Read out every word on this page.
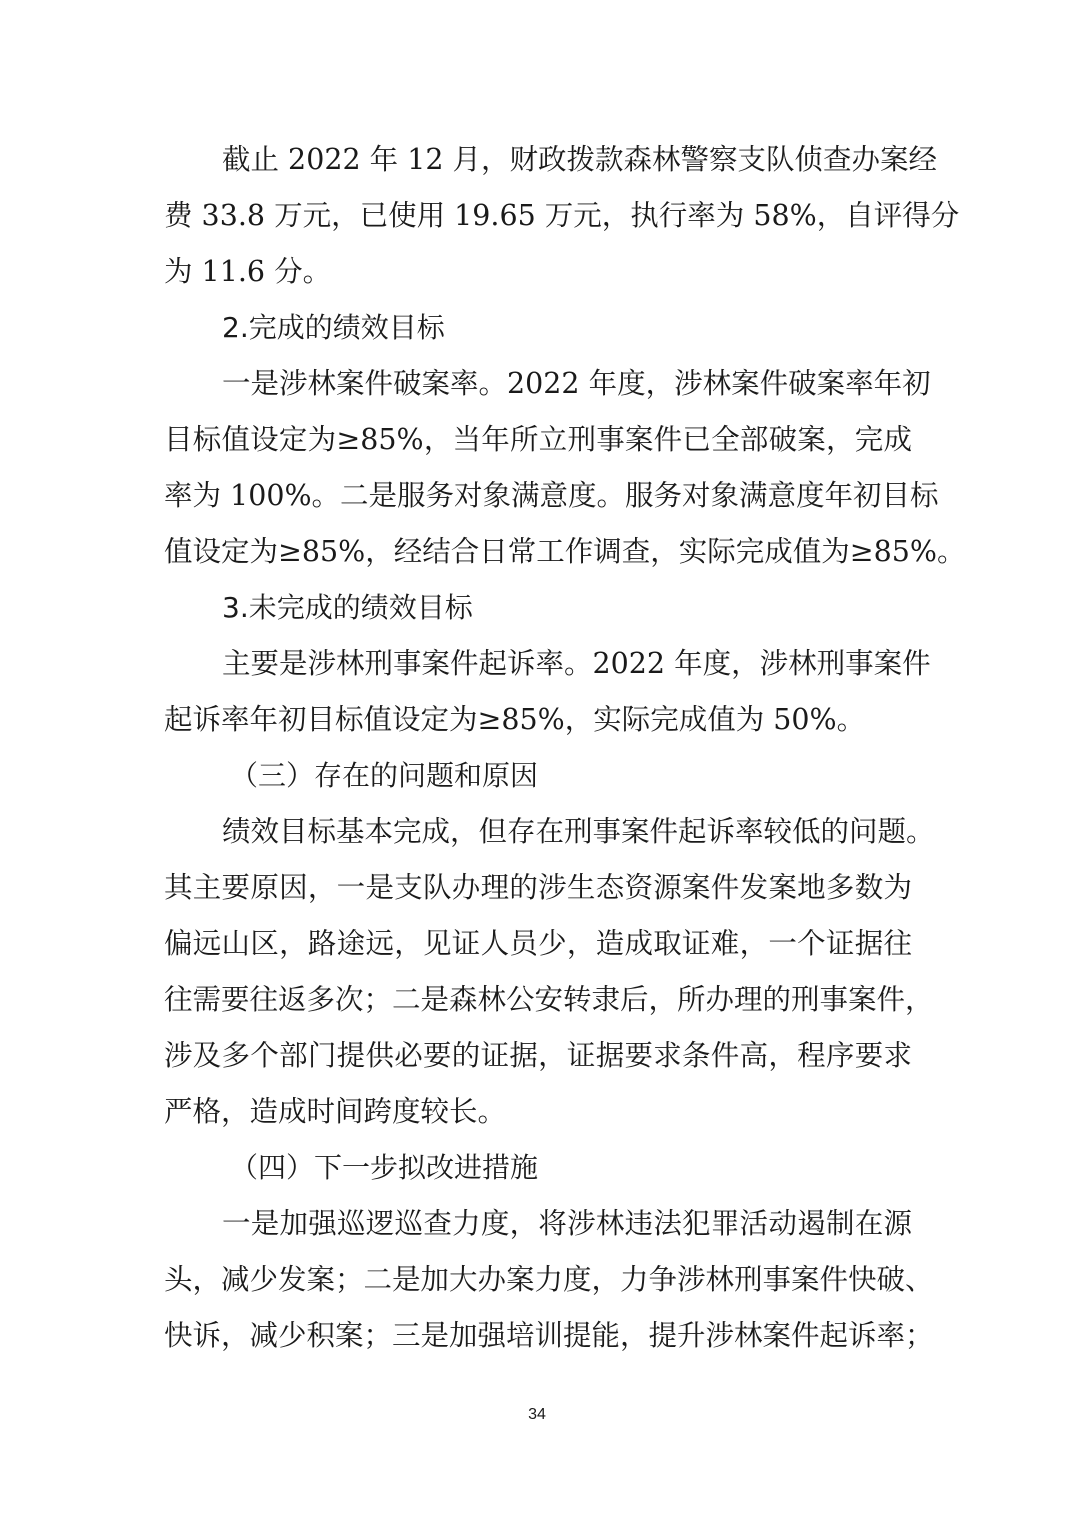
截止 2022 年 12 月，财政拨款森林警察支队侦查办案经
费 33.8 万元，已使用 19.65 万元，执行率为 58%，自评得分
为 11.6 分。
2.完成的绩效目标
一是涉林案件破案率。2022 年度，涉林案件破案率年初
目标值设定为≥85%，当年所立刑事案件已全部破案，完成
率为 100%。二是服务对象满意度。服务对象满意度年初目标
值设定为≥85%，经结合日常工作调查，实际完成值为≥85%。
3.未完成的绩效目标
主要是涉林刑事案件起诉率。2022 年度，涉林刑事案件
起诉率年初目标值设定为≥85%，实际完成值为 50%。
（三）存在的问题和原因
绩效目标基本完成，但存在刑事案件起诉率较低的问题。
其主要原因，一是支队办理的涉生态资源案件发案地多数为
偏远山区，路途远，见证人员少，造成取证难，一个证据往
往需要往返多次；二是森林公安转隶后，所办理的刑事案件，
涉及多个部门提供必要的证据，证据要求条件高，程序要求
严格，造成时间跨度较长。
（四）下一步拟改进措施
一是加强巡逻巡查力度，将涉林违法犯罪活动遏制在源
头，减少发案；二是加大办案力度，力争涉林刑事案件快破、
快诉，减少积案；三是加强培训提能，提升涉林案件起诉率；
34
